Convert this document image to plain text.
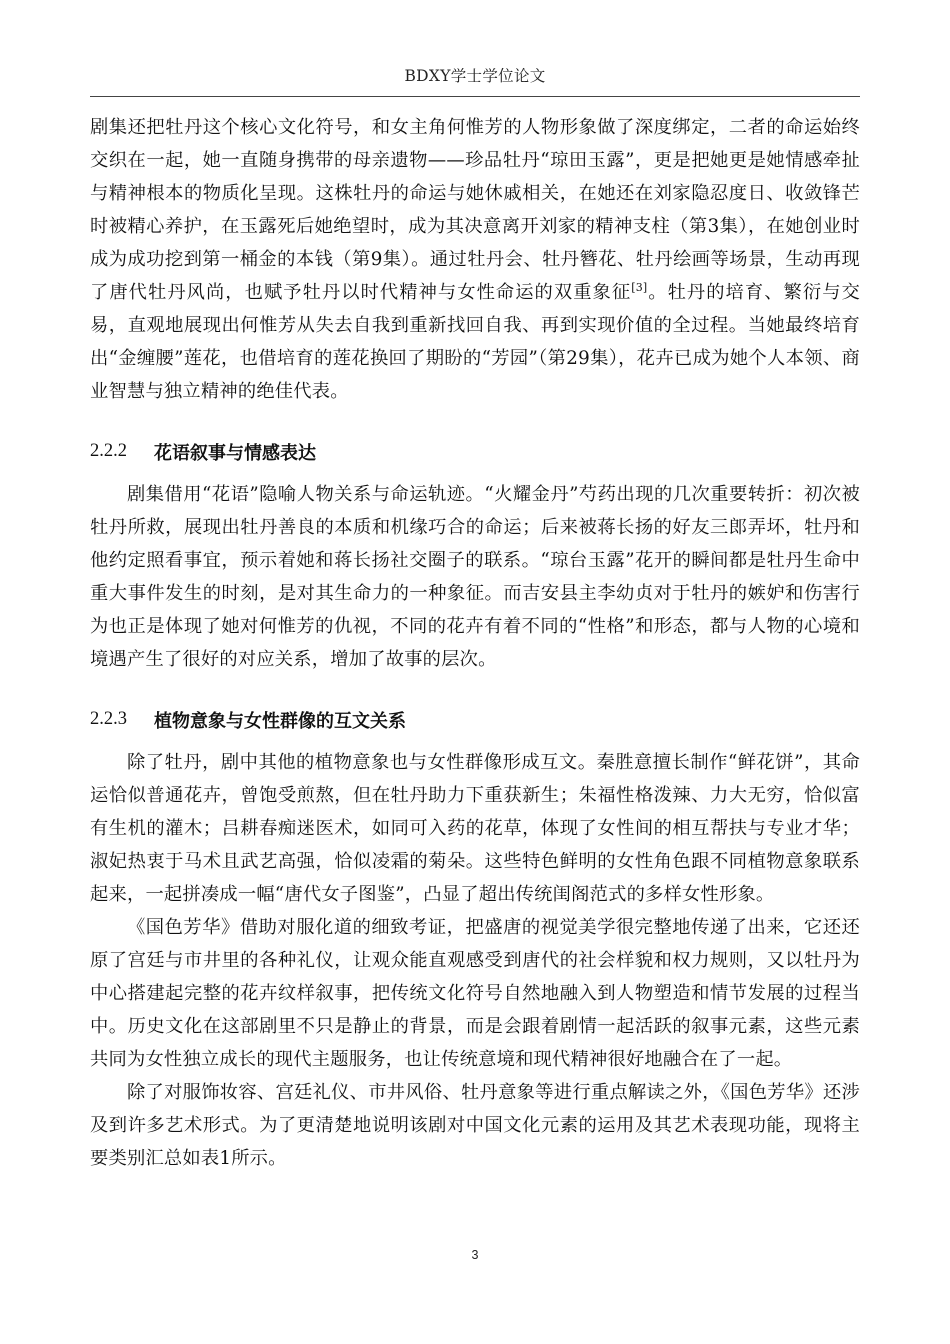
BDXY学士学位论文

剧集还把牡丹这个核心文化符号，和女主角何惟芳的人物形象做了深度绑定，二者的命运始终交织在一起，她一直随身携带的母亲遗物——珍品牡丹“琼田玉露”，更是把她更是她情感牵扯与精神根本的物质化呈现。这株牡丹的命运与她休戚相关，在她还在刘家隐忍度日、收敛锋芒时被精心养护，在玉露死后她绝望时，成为其决意离开刘家的精神支柱（第3集），在她创业时成为成功挖到第一桶金的本钱（第9集）。通过牡丹会、牡丹簪花、牡丹绘画等场景，生动再现了唐代牡丹风尚，也赋予牡丹以时代精神与女性命运的双重象征[3]。牡丹的培育、繁衍与交易，直观地展现出何惟芳从失去自我到重新找回自我、再到实现价值的全过程。当她最终培育出“金缠腰”莲花，也借培育的莲花换回了期盼的“芳园”（第29集），花卉已成为她个人本领、商业智慧与独立精神的绝佳代表。

2.2.2	花语叙事与情感表达

剧集借用“花语”隐喻人物关系与命运轨迹。“火耀金丹”芍药出现的几次重要转折：初次被牡丹所救，展现出牡丹善良的本质和机缘巧合的命运；后来被蒋长扬的好友三郎弄坏，牡丹和他约定照看事宜，预示着她和蒋长扬社交圈子的联系。“琼台玉露”花开的瞬间都是牡丹生命中重大事件发生的时刻，是对其生命力的一种象征。而吉安县主李幼贞对于牡丹的嫉妒和伤害行为也正是体现了她对何惟芳的仇视，不同的花卉有着不同的“性格”和形态，都与人物的心境和境遇产生了很好的对应关系，增加了故事的层次。

2.2.3	植物意象与女性群像的互文关系

除了牡丹，剧中其他的植物意象也与女性群像形成互文。秦胜意擅长制作“鲜花饼”，其命运恰似普通花卉，曾饱受煎熬，但在牡丹助力下重获新生；朱福性格泼辣、力大无穷，恰似富有生机的灌木；吕耕春痴迷医术，如同可入药的花草，体现了女性间的相互帮扶与专业才华；淑妃热衷于马术且武艺高强，恰似凌霜的菊朵。这些特色鲜明的女性角色跟不同植物意象联系起来，一起拼凑成一幅“唐代女子图鉴”，凸显了超出传统闺阁范式的多样女性形象。

《国色芳华》借助对服化道的细致考证，把盛唐的视觉美学很完整地传递了出来，它还还原了宫廷与市井里的各种礼仪，让观众能直观感受到唐代的社会样貌和权力规则，又以牡丹为中心搭建起完整的花卉纹样叙事，把传统文化符号自然地融入到人物塑造和情节发展的过程当中。历史文化在这部剧里不只是静止的背景，而是会跟着剧情一起活跃的叙事元素，这些元素共同为女性独立成长的现代主题服务，也让传统意境和现代精神很好地融合在了一起。

除了对服饰妆容、宫廷礼仪、市井风俗、牡丹意象等进行重点解读之外，《国色芳华》还涉及到许多艺术形式。为了更清楚地说明该剧对中国文化元素的运用及其艺术表现功能，现将主要类别汇总如表1所示。

3
